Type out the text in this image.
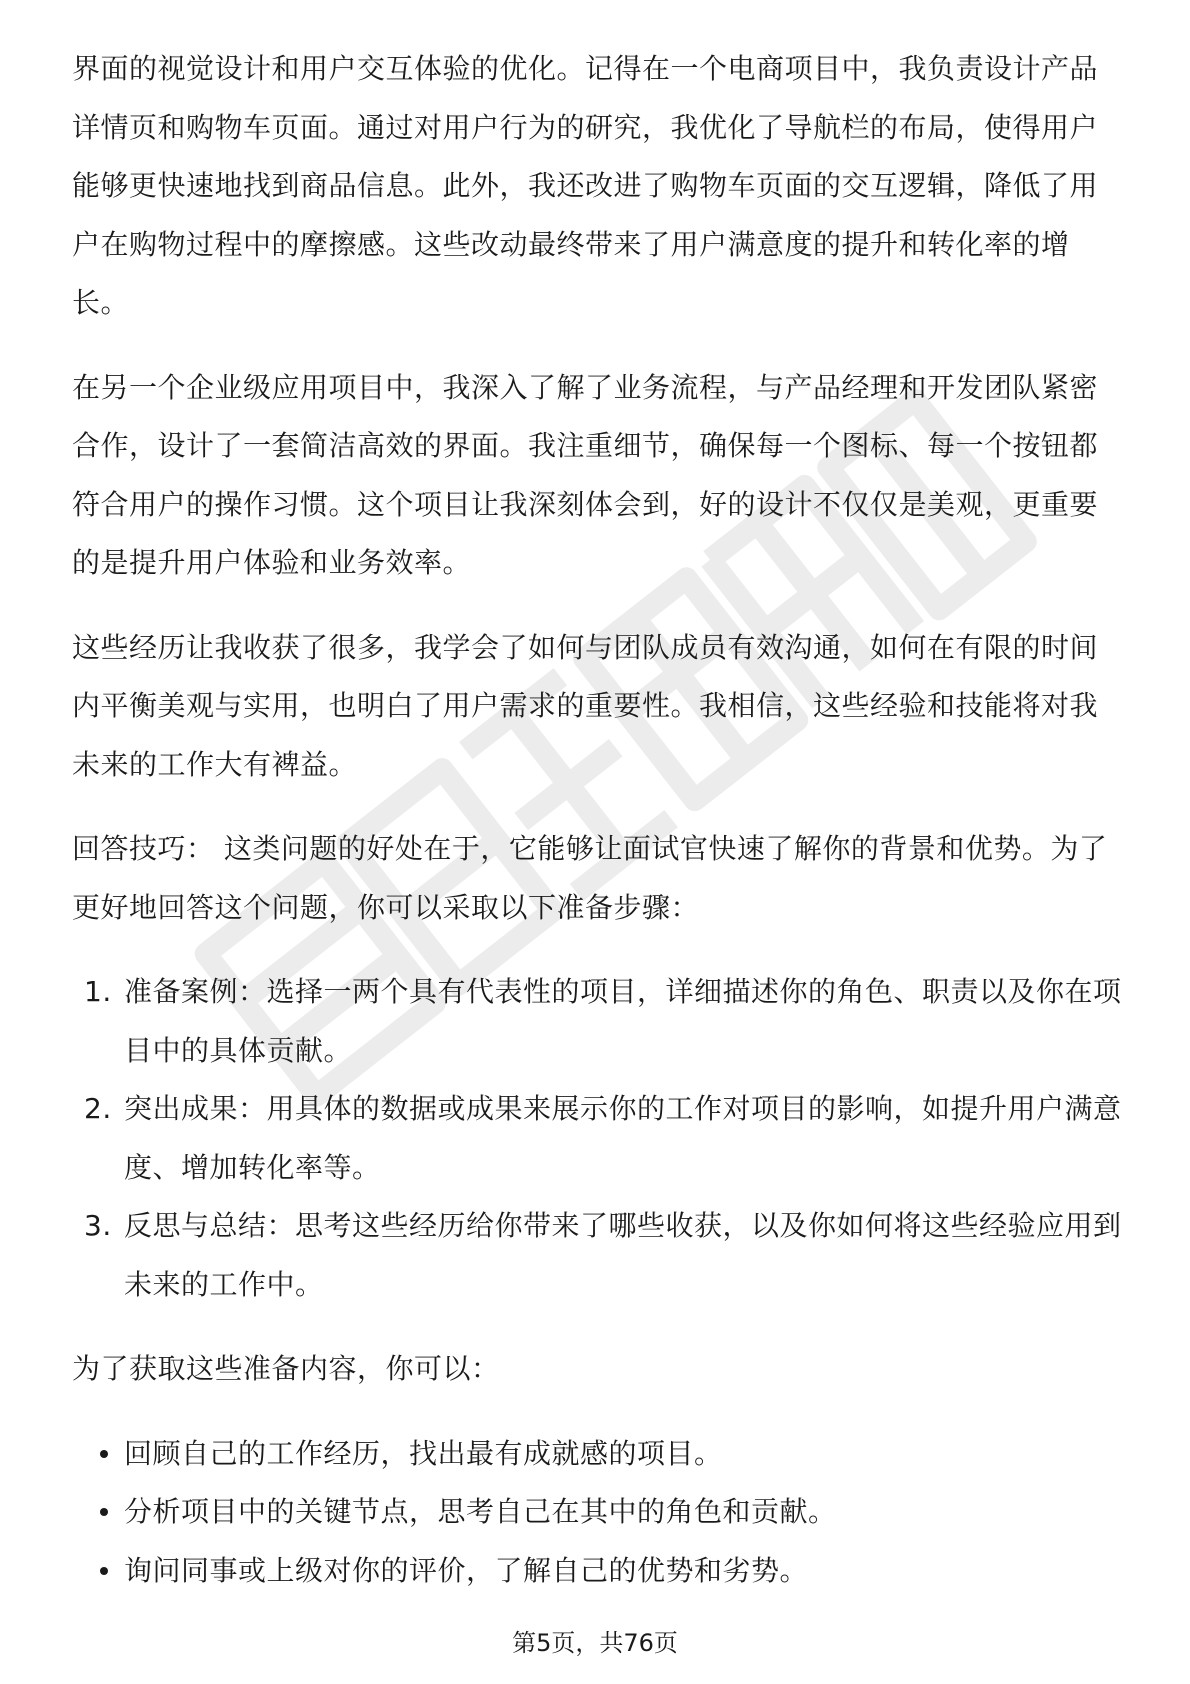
界面的视觉设计和用户交互体验的优化。记得在一个电商项目中，我负责设计产品详情页和购物车页面。通过对用户行为的研究，我优化了导航栏的布局，使得用户能够更快速地找到商品信息。此外，我还改进了购物车页面的交互逻辑，降低了用户在购物过程中的摩擦感。这些改动最终带来了用户满意度的提升和转化率的增长。

在另一个企业级应用项目中，我深入了解了业务流程，与产品经理和开发团队紧密合作，设计了一套简洁高效的界面。我注重细节，确保每一个图标、每一个按钮都符合用户的操作习惯。这个项目让我深刻体会到，好的设计不仅仅是美观，更重要的是提升用户体验和业务效率。

这些经历让我收获了很多，我学会了如何与团队成员有效沟通，如何在有限的时间内平衡美观与实用，也明白了用户需求的重要性。我相信，这些经验和技能将对我未来的工作大有裨益。

回答技巧： 这类问题的好处在于，它能够让面试官快速了解你的背景和优势。为了更好地回答这个问题，你可以采取以下准备步骤：

1. 准备案例：选择一两个具有代表性的项目，详细描述你的角色、职责以及你在项目中的具体贡献。
2. 突出成果：用具体的数据或成果来展示你的工作对项目的影响，如提升用户满意度、增加转化率等。
3. 反思与总结：思考这些经历给你带来了哪些收获，以及你如何将这些经验应用到未来的工作中。

为了获取这些准备内容，你可以：

回顾自己的工作经历，找出最有成就感的项目。
分析项目中的关键节点，思考自己在其中的角色和贡献。
询问同事或上级对你的评价，了解自己的优势和劣势。
第5页，共76页
